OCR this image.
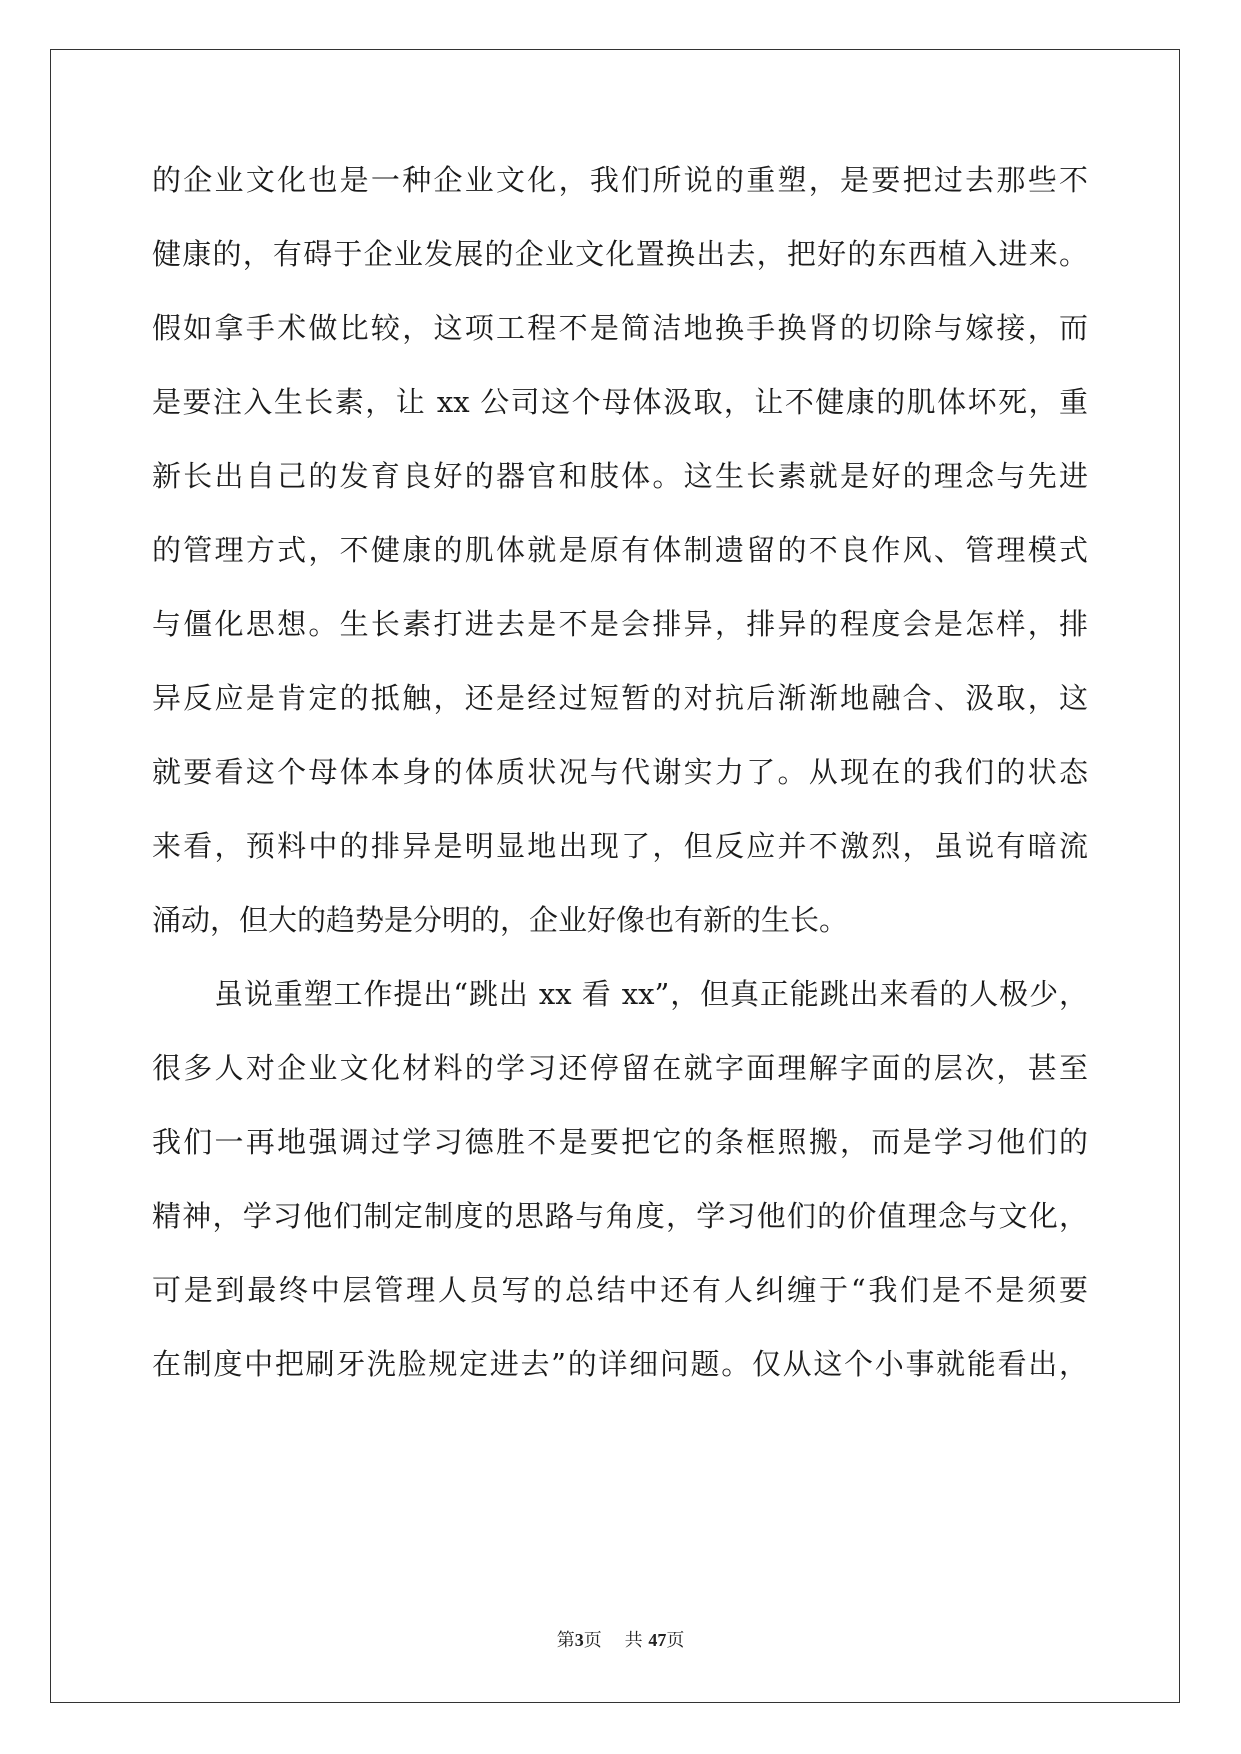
的企业文化也是一种企业文化，我们所说的重塑，是要把过去那些不
健康的，有碍于企业发展的企业文化置换出去，把好的东西植入进来。
假如拿手术做比较，这项工程不是简洁地换手换肾的切除与嫁接，而
是要注入生长素，让 xx 公司这个母体汲取，让不健康的肌体坏死，重
新长出自己的发育良好的器官和肢体。这生长素就是好的理念与先进
的管理方式，不健康的肌体就是原有体制遗留的不良作风、管理模式
与僵化思想。生长素打进去是不是会排异，排异的程度会是怎样，排
异反应是肯定的抵触，还是经过短暂的对抗后渐渐地融合、汲取，这
就要看这个母体本身的体质状况与代谢实力了。从现在的我们的状态
来看，预料中的排异是明显地出现了，但反应并不激烈，虽说有暗流
涌动，但大的趋势是分明的，企业好像也有新的生长。
虽说重塑工作提出“跳出 xx 看 xx”，但真正能跳出来看的人极少，
很多人对企业文化材料的学习还停留在就字面理解字面的层次，甚至
我们一再地强调过学习德胜不是要把它的条框照搬，而是学习他们的
精神，学习他们制定制度的思路与角度，学习他们的价值理念与文化，
可是到最终中层管理人员写的总结中还有人纠缠于“我们是不是须要
在制度中把刷牙洗脸规定进去”的详细问题。仅从这个小事就能看出，
第3页 共 47页
